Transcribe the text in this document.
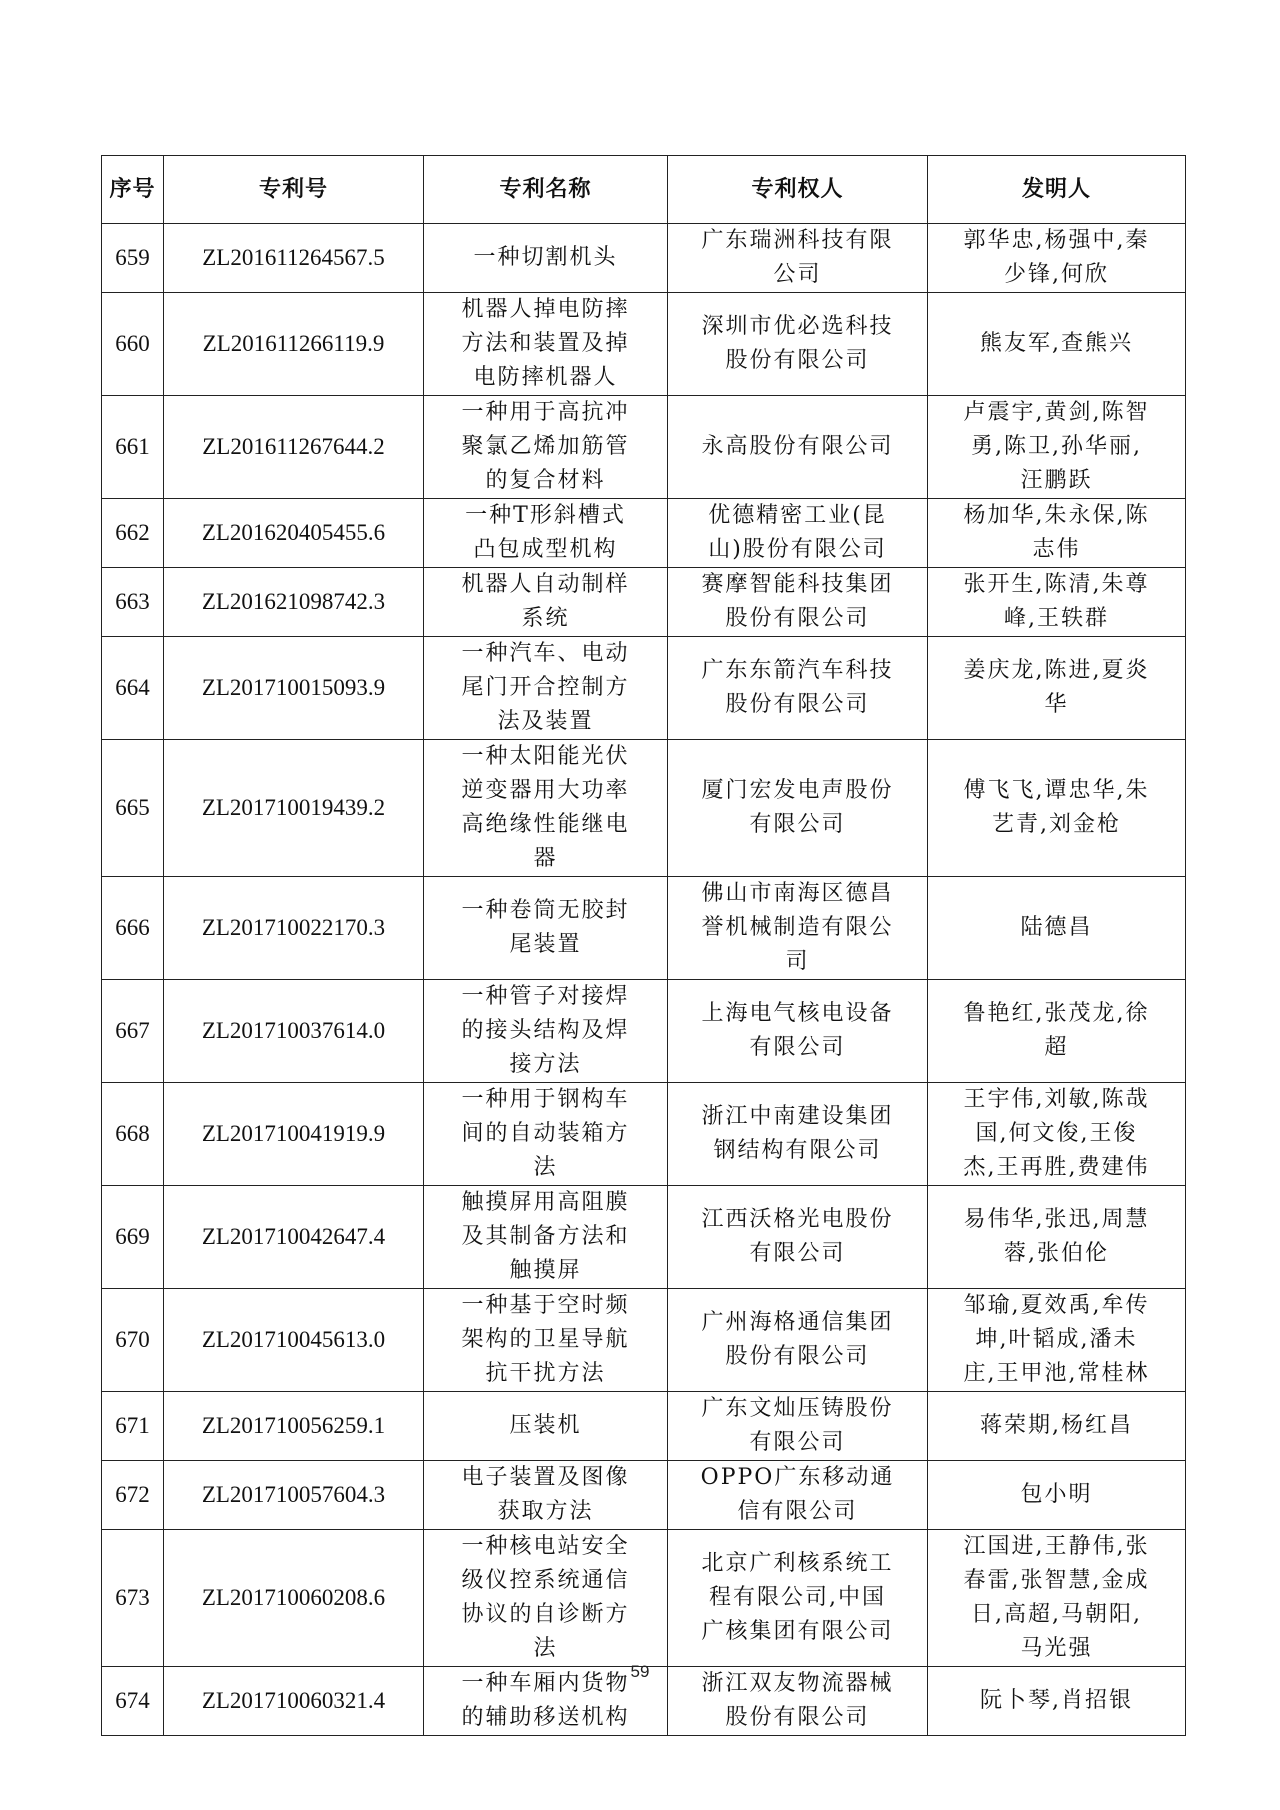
序号	专利号	专利名称	专利权人	发明人
659	ZL201611264567.5	一种切割机头	广东瑞洲科技有限公司	郭华忠,杨强中,秦少锋,何欣

660	ZL201611266119.9	机器人掉电防摔方法和装置及掉电防摔机器人	深圳市优必选科技股份有限公司	熊友军,查熊兴

661	ZL201611267644.2	一种用于高抗冲聚氯乙烯加筋管的复合材料	永高股份有限公司	卢震宇,黄剑,陈智勇,陈卫,孙华丽,汪鹏跃

662	ZL201620405455.6	一种T形斜槽式凸包成型机构	优德精密工业(昆山)股份有限公司	杨加华,朱永保,陈志伟

663	ZL201621098742.3	机器人自动制样系统	赛摩智能科技集团股份有限公司	张开生,陈清,朱尊峰,王轶群

664	ZL201710015093.9	一种汽车、电动尾门开合控制方法及装置	广东东箭汽车科技股份有限公司	姜庆龙,陈进,夏炎华

665	ZL201710019439.2	一种太阳能光伏逆变器用大功率高绝缘性能继电器	厦门宏发电声股份有限公司	傅飞飞,谭忠华,朱艺青,刘金枪

666	ZL201710022170.3	一种卷筒无胶封尾装置	佛山市南海区德昌誉机械制造有限公司	陆德昌

667	ZL201710037614.0	一种管子对接焊的接头结构及焊接方法	上海电气核电设备有限公司	鲁艳红,张茂龙,徐超

668	ZL201710041919.9	一种用于钢构车间的自动装箱方法	浙江中南建设集团钢结构有限公司	王宇伟,刘敏,陈哉国,何文俊,王俊杰,王再胜,费建伟

669	ZL201710042647.4	触摸屏用高阻膜及其制备方法和触摸屏	江西沃格光电股份有限公司	易伟华,张迅,周慧蓉,张伯伦

670	ZL201710045613.0	一种基于空时频架构的卫星导航抗干扰方法	广州海格通信集团股份有限公司	邹瑜,夏效禹,牟传坤,叶韬成,潘未庄,王甲池,常桂林

671	ZL201710056259.1	压装机	广东文灿压铸股份有限公司	蒋荣期,杨红昌

672	ZL201710057604.3	电子装置及图像获取方法	OPPO广东移动通信有限公司	包小明

673	ZL201710060208.6	一种核电站安全级仪控系统通信协议的自诊断方法	北京广利核系统工程有限公司,中国广核集团有限公司	江国进,王静伟,张春雷,张智慧,金成日,高超,马朝阳,马光强

674	ZL201710060321.4	一种车厢内货物的辅助移送机构	浙江双友物流器械股份有限公司	阮卜琴,肖招银
59
